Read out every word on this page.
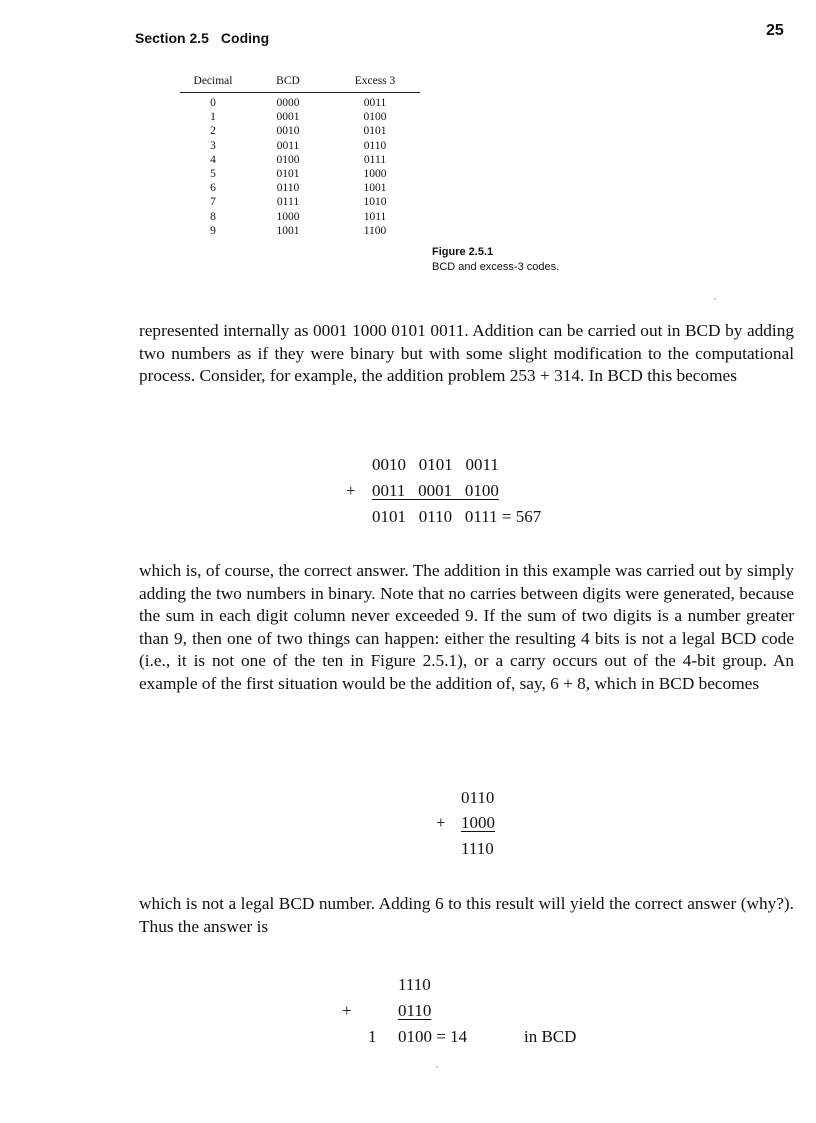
Section 2.5 Coding	25
Decimal	BCD	Excess 3
0	0000	0011
1	0001	0100
2	0010	0101
3	0011	0110
4	0100	0111
5	0101	1000
6	0110	1001
7	0111	1010
8	1000	1011
9	1001	1100
Figure 2.5.1
BCD and excess-3 codes.

represented internally as 0001 1000 0101 0011. Addition can be carried out in BCD by adding two numbers as if they were binary but with some slight modification to the computational process. Consider, for example, the addition problem 253 + 314. In BCD this becomes

0010   0101   0011
+ 0011   0001   0100
0101   0110   0111 = 567

which is, of course, the correct answer. The addition in this example was carried out by simply adding the two numbers in binary. Note that no carries between digits were generated, because the sum in each digit column never exceeded 9. If the sum of two digits is a number greater than 9, then one of two things can happen: either the resulting 4 bits is not a legal BCD code (i.e., it is not one of the ten in Figure 2.5.1), or a carry occurs out of the 4-bit group. An example of the first situation would be the addition of, say, 6 + 8, which in BCD becomes

0110
+ 1000
1110

which is not a legal BCD number. Adding 6 to this result will yield the correct answer (why?). Thus the answer is

1110
+	0110
1 0100 = 14	in BCD
